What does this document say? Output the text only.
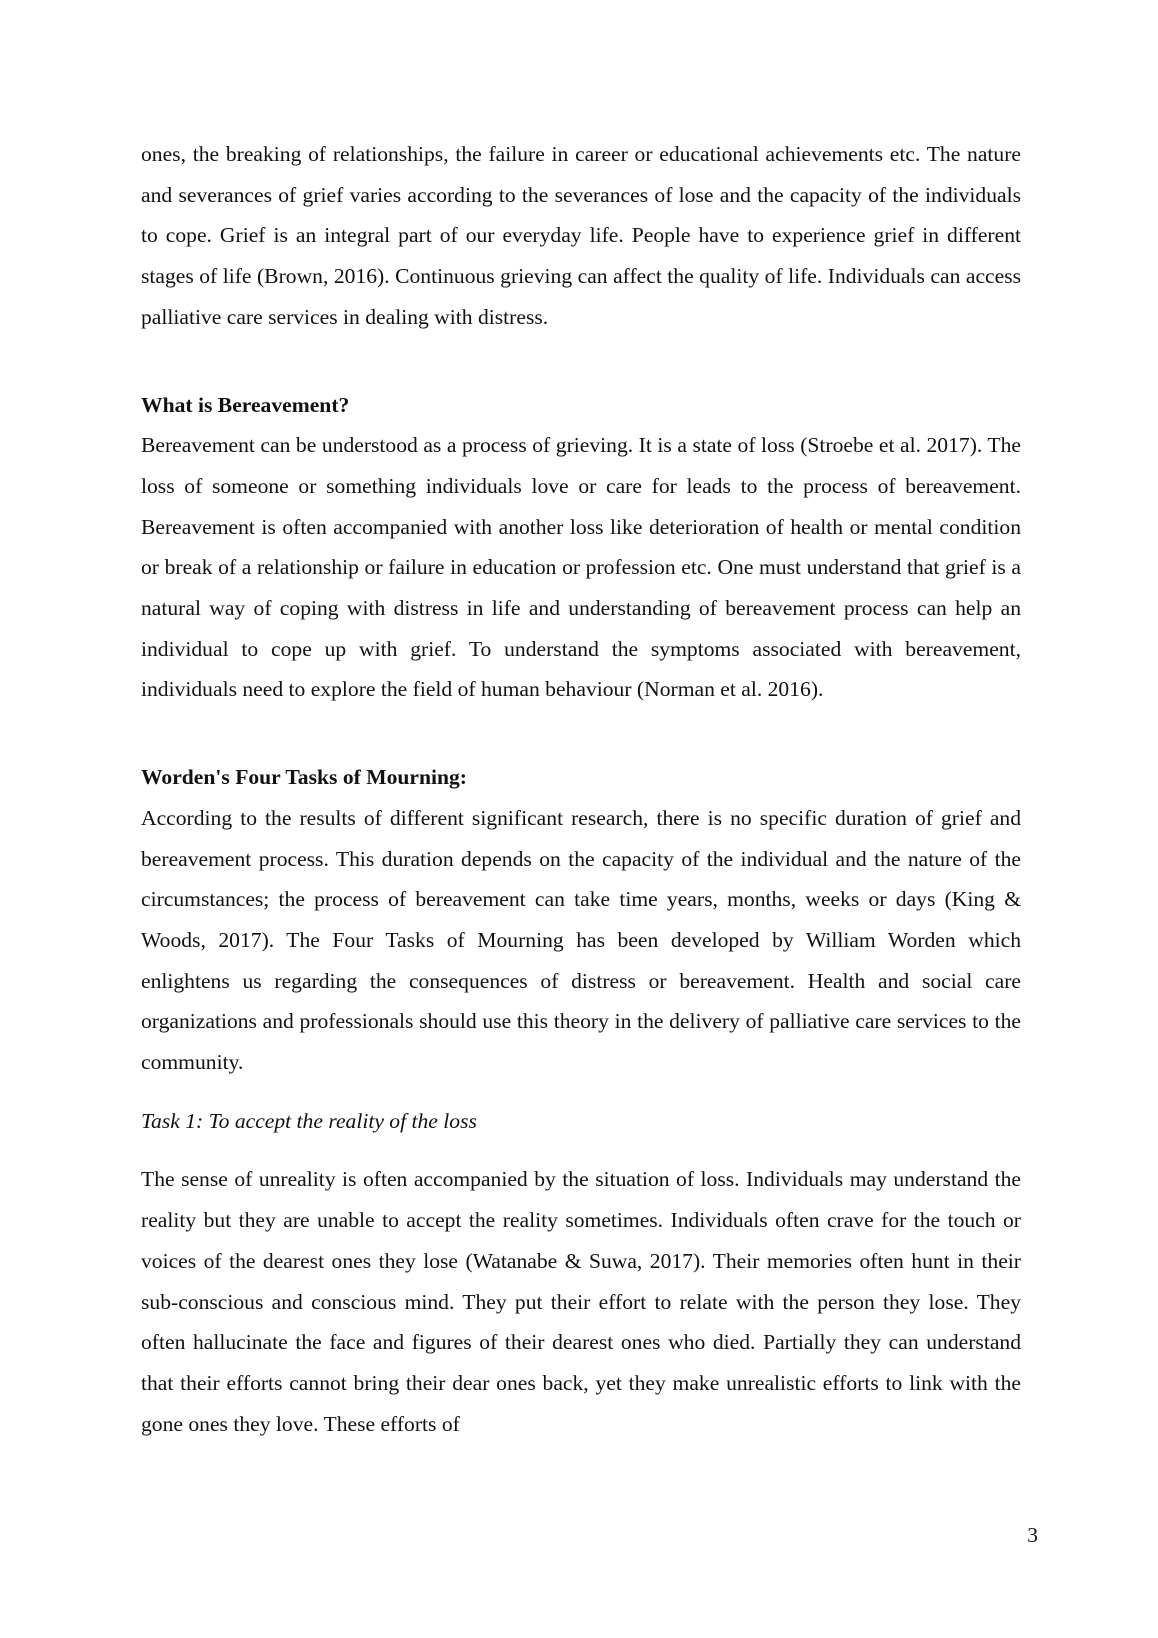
ones, the breaking of relationships, the failure in career or educational achievements etc. The nature and severances of grief varies according to the severances of lose and the capacity of the individuals to cope. Grief is an integral part of our everyday life. People have to experience grief in different stages of life (Brown, 2016). Continuous grieving can affect the quality of life. Individuals can access palliative care services in dealing with distress.

What is Bereavement?

Bereavement can be understood as a process of grieving. It is a state of loss (Stroebe et al. 2017). The loss of someone or something individuals love or care for leads to the process of bereavement. Bereavement is often accompanied with another loss like deterioration of health or mental condition or break of a relationship or failure in education or profession etc. One must understand that grief is a natural way of coping with distress in life and understanding of bereavement process can help an individual to cope up with grief. To understand the symptoms associated with bereavement, individuals need to explore the field of human behaviour (Norman et al. 2016).

Worden's Four Tasks of Mourning:

According to the results of different significant research, there is no specific duration of grief and bereavement process. This duration depends on the capacity of the individual and the nature of the circumstances; the process of bereavement can take time years, months, weeks or days (King & Woods, 2017). The Four Tasks of Mourning has been developed by William Worden which enlightens us regarding the consequences of distress or bereavement. Health and social care organizations and professionals should use this theory in the delivery of palliative care services to the community.

Task 1: To accept the reality of the loss

The sense of unreality is often accompanied by the situation of loss. Individuals may understand the reality but they are unable to accept the reality sometimes. Individuals often crave for the touch or voices of the dearest ones they lose (Watanabe & Suwa, 2017). Their memories often hunt in their sub-conscious and conscious mind. They put their effort to relate with the person they lose. They often hallucinate the face and figures of their dearest ones who died. Partially they can understand that their efforts cannot bring their dear ones back, yet they make unrealistic efforts to link with the gone ones they love. These efforts of

3
